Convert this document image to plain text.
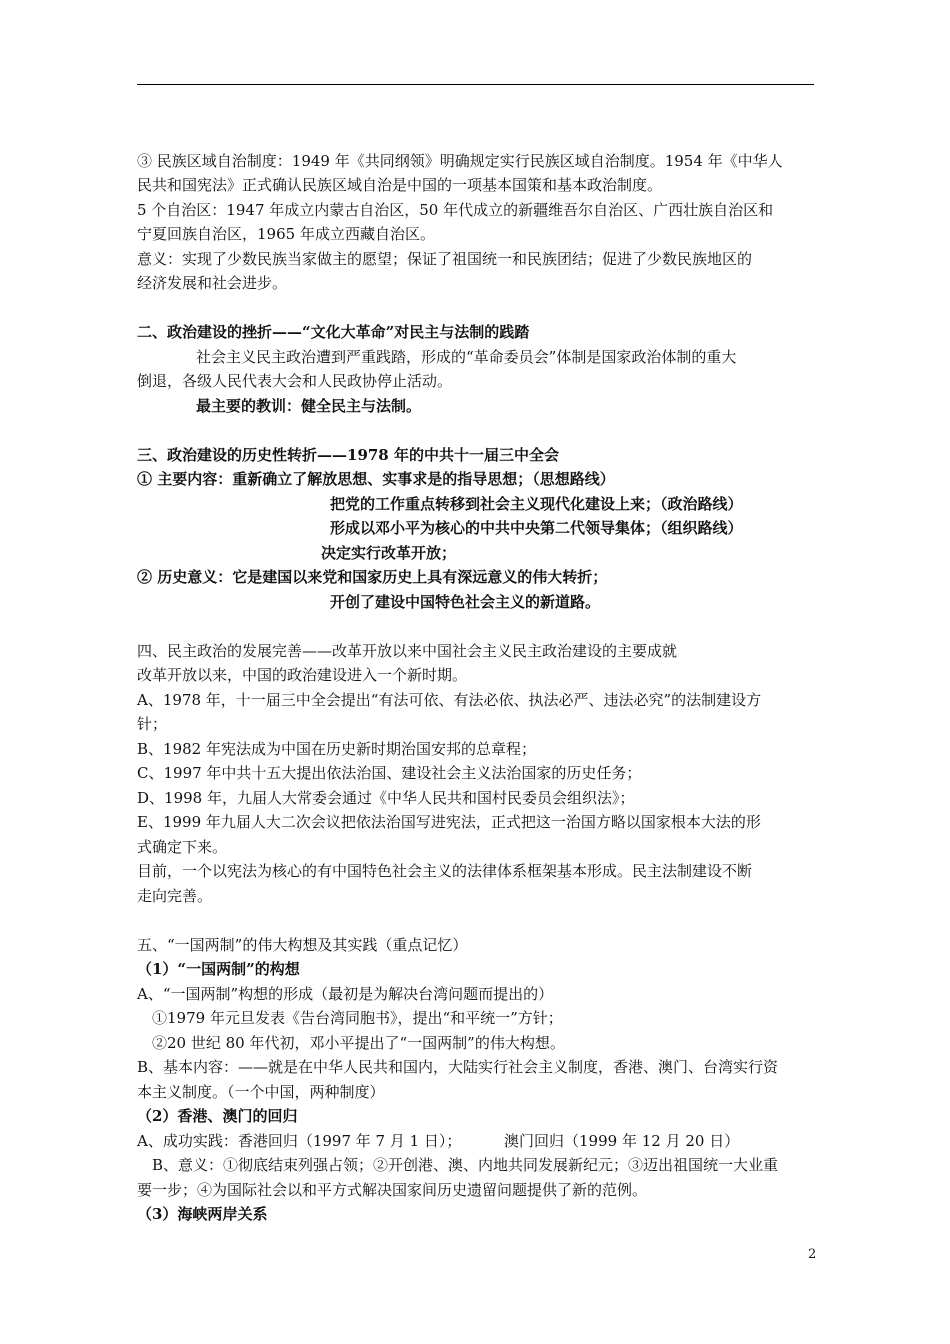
③ 民族区域自治制度：1949 年《共同纲领》明确规定实行民族区域自治制度。1954 年《中华人
民共和国宪法》正式确认民族区域自治是中国的一项基本国策和基本政治制度。
5 个自治区：1947 年成立内蒙古自治区，50 年代成立的新疆维吾尔自治区、广西壮族自治区和
宁夏回族自治区，1965 年成立西藏自治区。
意义：实现了少数民族当家做主的愿望；保证了祖国统一和民族团结；促进了少数民族地区的
经济发展和社会进步。
二、政治建设的挫折——“文化大革命”对民主与法制的践踏
社会主义民主政治遭到严重践踏，形成的“革命委员会”体制是国家政治体制的重大
倒退，各级人民代表大会和人民政协停止活动。
最主要的教训：健全民主与法制。
三、政治建设的历史性转折——1978 年的中共十一届三中全会
① 主要内容：重新确立了解放思想、实事求是的指导思想；（思想路线）
把党的工作重点转移到社会主义现代化建设上来；（政治路线）
形成以邓小平为核心的中共中央第二代领导集体；（组织路线）
决定实行改革开放；
② 历史意义：它是建国以来党和国家历史上具有深远意义的伟大转折；
开创了建设中国特色社会主义的新道路。
四、民主政治的发展完善——改革开放以来中国社会主义民主政治建设的主要成就
改革开放以来，中国的政治建设进入一个新时期。
A、1978 年，十一届三中全会提出“有法可依、有法必依、执法必严、违法必究”的法制建设方
针；
B、1982 年宪法成为中国在历史新时期治国安邦的总章程；
C、1997 年中共十五大提出依法治国、建设社会主义法治国家的历史任务；
D、1998 年，九届人大常委会通过《中华人民共和国村民委员会组织法》；
E、1999 年九届人大二次会议把依法治国写进宪法，正式把这一治国方略以国家根本大法的形
式确定下来。
目前，一个以宪法为核心的有中国特色社会主义的法律体系框架基本形成。民主法制建设不断
走向完善。
五、“一国两制”的伟大构想及其实践（重点记忆）
（1）“一国两制”的构想
A、“一国两制”构想的形成（最初是为解决台湾问题而提出的）
①1979 年元旦发表《告台湾同胞书》，提出“和平统一”方针；
②20 世纪 80 年代初，邓小平提出了“一国两制”的伟大构想。
B、基本内容：——就是在中华人民共和国内，大陆实行社会主义制度，香港、澳门、台湾实行资
本主义制度。（一个中国，两种制度）
（2）香港、澳门的回归
A、成功实践：香港回归（1997 年 7 月 1 日）；	澳门回归（1999 年 12 月 20 日）
B、意义：①彻底结束列强占领；②开创港、澳、内地共同发展新纪元；③迈出祖国统一大业重
要一步；④为国际社会以和平方式解决国家间历史遗留问题提供了新的范例。
（3）海峡两岸关系
2
